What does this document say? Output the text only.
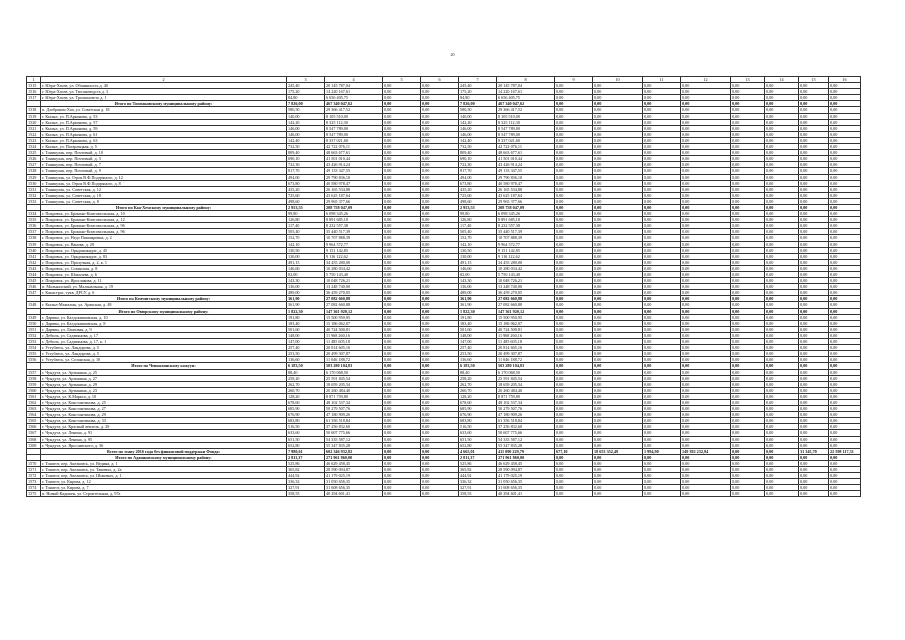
20
1	2	3	4	5	6	7	8	9	10	11	12	13	14	15	16
1515	г. Югра-Хасев, ул. Обшинность д. 40	245,40	20 145 787,04	0,00	0,00	245,40	20 145 787,04	0,00	0,00	0,00	0,00	0,00	0,00	0,00	0,00
1516	г. Югра-Хасев, ул. Тюсановодсть д. 3	175,20	14 220 167,61	0,00	0,00	175,20	14 220 167,61	0,00	0,00	0,00	0,00	0,00	0,00	0,00	0,00
1517	г. Югра-Хасев, ул. Тролшновсть д. 1	84,80	6 656 405,75	0,00	0,00	84,80	6 656 405,75	0,00	0,00	0,00	0,00	0,00	0,00	0,00	0,00
	Итого по Топмаковскому муниципальному району:	7 826,00	467 340 047,62	0,00	0,00	7 826,00	467 340 047,62	0,00	0,00	0,00	0,00	0,00	0,00	0,00	0,00
1518	п. Дзобранен-Хаа, ул. Советская д. 18	580,50	29 366 417,52	0,00	0,00	580,50	29 366 417,52	0,00	0,00	0,00	0,00	0,00	0,00	0,00	0,00
1519	г. Кызыл, ул. П.Арконова, д. 53	140,00	8 105 510,00	0,00	0,00	140,00	8 105 510,00	0,00	0,00	0,00	0,00	0,00	0,00	0,00	0,00
1520	г. Кызыл, ул. П.Арконова, д. 57	142,20	8 325 112,30	0,00	0,00	142,20	8 325 112,30	0,00	0,00	0,00	0,00	0,00	0,00	0,00	0,00
1521	г. Кызыл, ул. П.Арконова, д. 59	146,00	8 547 789,00	0,00	0,00	146,00	8 547 789,00	0,00	0,00	0,00	0,00	0,00	0,00	0,00	0,00
1522	г. Кызыл, ул. П.Арконова, д. 61	146,00	8 547 789,00	0,00	0,00	146,00	8 547 789,00	0,00	0,00	0,00	0,00	0,00	0,00	0,00	0,00
1523	г. Кызыл, ул. П.Арконова, д. 63	142,40	8 337 021,60	0,00	0,00	142,40	8 337 021,60	0,00	0,00	0,00	0,00	0,00	0,00	0,00	0,00
1524	г. Кызыл, ул. Погарльцкая, д. 5	732,50	42 722 076,11	0,00	0,00	732,50	42 722 076,11	0,00	0,00	0,00	0,00	0,00	0,00	0,00	0,00
1525	г. Тоникулак, пер. Почтовый, д. 10	809,40	48 663 677,61	0,00	0,00	809,40	48 663 677,61	0,00	0,00	0,00	0,00	0,00	0,00	0,00	0,00
1526	г. Тоникулак, пер. Почтовый, д. 3	690,10	41 501 010,44	0,00	0,00	690,10	41 501 010,44	0,00	0,00	0,00	0,00	0,00	0,00	0,00	0,00
1527	г. Тоникулак, пер. Почтовый, д. 7	722,30	43 426 914,24	0,00	0,00	722,30	43 426 914,24	0,00	0,00	0,00	0,00	0,00	0,00	0,00	0,00
1528	г. Тоникулак, пер. Почтовый, д. 9	817,70	49 133 347,55	0,00	0,00	817,70	49 133 347,55	0,00	0,00	0,00	0,00	0,00	0,00	0,00	0,00
1529	г. Тоникулак, ул. Героя В.Ф.Подгряного, д. 12	494,00	29 790 836,10	0,00	0,00	494,00	29 790 836,10	0,00	0,00	0,00	0,00	0,00	0,00	0,00	0,00
1530	г. Тоникулак, ул. Героя В.Ф.Подгряного, д. 8	673,80	40 580 978,47	0,00	0,00	673,80	40 580 978,47	0,00	0,00	0,00	0,00	0,00	0,00	0,00	0,00
1531	г. Тоникулак, ул. Советская, д. 12	435,20	26 165 534,88	0,00	0,00	435,20	26 165 534,88	0,00	0,00	0,00	0,00	0,00	0,00	0,00	0,00
1532	г. Тоникулак, ул. Советская, д. 18	725,60	43 625 187,64	0,00	0,00	725,60	43 625 187,64	0,00	0,00	0,00	0,00	0,00	0,00	0,00	0,00
1533	г. Тоникулак, ул. Советская, д. 8	498,60	29 965 377,66	0,00	0,00	498,60	29 965 377,66	0,00	0,00	0,00	0,00	0,00	0,00	0,00	0,00
	Итого по Каа-Хемскому муниципальному району:	2 953,55	208 758 047,09	0,00	0,00	2 953,55	208 758 047,09	0,00	0,00	0,00	0,00	0,00	0,00	0,00	0,00
1534	г. Покровск, ул. Бронько-Комсомольская, д. 10	99,80	6 098 345,26	0,00	0,00	99,80	6 098 345,26	0,00	0,00	0,00	0,00	0,00	0,00	0,00	0,00
1535	г. Покровск, ул. Бронько-Комсомольская, д. 12	126,80	8 891 685,18	0,00	0,00	126,80	8 891 685,18	0,00	0,00	0,00	0,00	0,00	0,00	0,00	0,00
1536	г. Покровск, ул. Бронько-Комсомольская, д. 96	117,40	8 232 557,38	0,00	0,00	117,40	8 232 557,38	0,00	0,00	0,00	0,00	0,00	0,00	0,00	0,00
1537	г. Покровск, ул. Бронько-Комсомольская, д. 96	505,40	35 440 517,39	0,00	0,00	505,40	35 440 517,39	0,00	0,00	0,00	0,00	0,00	0,00	0,00	0,00
1538	г. Покровск, ул. Недо Пяшанровна, д. 2	152,70	10 707 888,39	0,00	0,00	152,70	10 707 888,39	0,00	0,00	0,00	0,00	0,00	0,00	0,00	0,00
1539	г. Покровск, ул. Ванова, д. 29	142,10	9 964 572,77	0,00	0,00	142,10	9 964 572,77	0,00	0,00	0,00	0,00	0,00	0,00	0,00	0,00
1540	г. Покровск, ул. Оркдоникидзе, д. 45	130,50	9 151 142,85	0,00	0,00	130,50	9 151 142,85	0,00	0,00	0,00	0,00	0,00	0,00	0,00	0,00
1541	г. Покровск, ул. Оркдоникидзе, д. 83	130,00	9 116 122,62	0,00	0,00	130,00	9 116 122,62	0,00	0,00	0,00	0,00	0,00	0,00	0,00	0,00
1542	г. Покровск, ул. Пролучная, д. 2, к. 1	491,15	34 455 280,00	0,00	0,00	491,15	34 455 280,00	0,00	0,00	0,00	0,00	0,00	0,00	0,00	0,00
1543	г. Покровск, ул. Созанская, д. 8	146,60	10 280 034,42	0,00	0,00	146,60	10 280 034,42	0,00	0,00	0,00	0,00	0,00	0,00	0,00	0,00
1544	г. Покровск, ул. Шакалева, д. 6	82,00	5 750 143,40	0,00	0,00	82,00	5 750 143,40	0,00	0,00	0,00	0,00	0,00	0,00	0,00	0,00
1545	г. Покровск, ул. Ярослакова, д. 11	143,30	10 048 726,21	0,00	0,00	143,30	10 048 726,21	0,00	0,00	0,00	0,00	0,00	0,00	0,00	0,00
1546	п. Мальналский, ул. Мальнальная, д. 19	136,00	13 248 740,00	0,00	0,00	136,00	13 248 740,00	0,00	0,00	0,00	0,00	0,00	0,00	0,00	0,00
1547	г. Каъястрас, тукв. ДРСУ, д. 6	489,00	36 459 270,05	0,00	0,00	489,00	36 459 270,05	0,00	0,00	0,00	0,00	0,00	0,00	0,00	0,00
	Итого по Кемчигскому муниципальному району:	361,90	27 082 660,88	0,00	0,00	361,90	27 082 660,88	0,00	0,00	0,00	0,00	0,00	0,00	0,00	0,00
1548	г. Кызыл-Мажалык, ул. Аракская, д. 48	361,90	27 082 660,88	0,00	0,00	361,90	27 082 660,88	0,00	0,00	0,00	0,00	0,00	0,00	0,00	0,00
	Итого по Овюрскому муниципальному району:	1 822,30	147 361 920,12	0,00	0,00	1 822,30	147 361 920,12	0,00	0,00	0,00	0,00	0,00	0,00	0,00	0,00
1549	г. Дарвин, ул. Калдокишивская, д. 10	191,80	15 500 950,95	0,00	0,00	191,80	15 500 950,95	0,00	0,00	0,00	0,00	0,00	0,00	0,00	0,00
1550	г. Дарвин, ул. Калдокишивская, д. 8	183,40	15 186 062,07	0,00	0,00	183,40	15 186 062,07	0,00	0,00	0,00	0,00	0,00	0,00	0,00	0,00
1551	г. Дарвин, ул. Ланзовая, д. 9	501,60	40 724 500,81	0,00	0,00	501,60	40 724 500,81	0,00	0,00	0,00	0,00	0,00	0,00	0,00	0,00
1552	г. Дебиль, ул. Садзиянова, д. 17	148,00	11 968 260,16	0,00	0,00	148,00	11 968 260,16	0,00	0,00	0,00	0,00	0,00	0,00	0,00	0,00
1553	г. Дебиль, ул. Садзиянова, д. 17, к. 1	147,00	11 485 605,18	0,00	0,00	147,00	11 485 605,18	0,00	0,00	0,00	0,00	0,00	0,00	0,00	0,00
1554	г. Устубаесь, ул. Ландорова, д. 5	257,40	20 814 605,16	0,00	0,00	257,40	20 814 605,16	0,00	0,00	0,00	0,00	0,00	0,00	0,00	0,00
1555	г. Устубаесь, ул. Ландорова, д. 5	253,50	20 499 307,87	0,00	0,00	253,50	20 499 307,87	0,00	0,00	0,00	0,00	0,00	0,00	0,00	0,00
1556	г. Устубаесь, ул. Созанская, д. 10	136,60	11 046 188,72	0,00	0,00	136,60	11 046 188,72	0,00	0,00	0,00	0,00	0,00	0,00	0,00	0,00
	Итого по Чеиналинскому кожуун:	6 183,50	503 280 104,83	0,00	0,00	6 183,50	503 280 104,83	0,00	0,00	0,00	0,00	0,00	0,00	0,00	0,00
1557	г. Чундуга, ул. Артыкина, д. 25	88,40	6 170 068,50	0,00	0,00	88,40	6 170 068,50	0,00	0,00	0,00	0,00	0,00	0,00	0,00	0,00
1558	г. Чундуга, ул. Артыкина, д. 27	258,20	25 591 845,54	0,00	0,00	258,20	25 591 845,54	0,00	0,00	0,00	0,00	0,00	0,00	0,00	0,00
1559	г. Чундуга, ул. Артыкина, д. 29	262,70	18 659 205,34	0,00	0,00	262,70	18 659 205,34	0,00	0,00	0,00	0,00	0,00	0,00	0,00	0,00
1560	г. Чундуга, ул. Артыкина, д. 23	260,70	20 260 484,40	0,00	0,00	260,70	20 260 484,40	0,00	0,00	0,00	0,00	0,00	0,00	0,00	0,00
1561	г. Чундуга, ул. К.Маркса, д. 10	128,20	8 871 759,80	0,00	0,00	128,20	8 871 759,80	0,00	0,00	0,00	0,00	0,00	0,00	0,00	0,00
1562	г. Чундуга, ул. Константинова, д. 25	678,60	48 102 537,34	0,00	0,00	678,60	48 102 537,34	0,00	0,00	0,00	0,00	0,00	0,00	0,00	0,00
1563	г. Чундуга, ул. Константинова, д. 27	685,90	50 279 507,76	0,00	0,00	685,90	50 279 507,76	0,00	0,00	0,00	0,00	0,00	0,00	0,00	0,00
1564	г. Чундуга, ул. Константинова, д. 29	676,90	47 180 909,26	0,00	0,00	676,90	47 180 909,26	0,00	0,00	0,00	0,00	0,00	0,00	0,00	0,00
1565	г. Чундуга, ул. Константинова, д. 33	683,80	61 356 518,84	0,00	0,00	683,80	61 356 518,84	0,00	0,00	0,00	0,00	0,00	0,00	0,00	0,00
1566	г. Чундуга, ул. Красный вензель, д. 29	516,50	37 256 832,60	0,00	0,00	516,50	37 256 832,60	0,00	0,00	0,00	0,00	0,00	0,00	0,00	0,00
1567	г. Чундуга, ул. Ленина, д. 91	633,60	50 607 775,66	0,00	0,00	633,60	50 607 775,66	0,00	0,00	0,00	0,00	0,00	0,00	0,00	0,00
1568	г. Чундуга, ул. Ленина, д. 95	651,50	54 335 587,12	0,00	0,00	651,50	54 335 587,12	0,00	0,00	0,00	0,00	0,00	0,00	0,00	0,00
1569	г. Чундуга, ул. Ярославского, д. 36	652,80	55 347 835,28	0,00	0,00	652,80	55 347 835,28	0,00	0,00	0,00	0,00	0,00	0,00	0,00	0,00
	Всего по этапу 2016 года без финансовой поддержки Фонда:	7 980,61	602 346 932,82	0,00	0,00	4 665,01	411 090 229,79	677,10	18 653 352,49	1 994,90	149 392 232,94	0,00	0,00	31 345,70	22 598 117,31
	Итого по Адашковскому муниципальному району:	2 811,37	271 961 860,00	0,00	0,00	2 811,37	271 961 860,00	0,00	0,00	0,00	0,00	0,00	0,00	0,00	0,00
1570	г. Тонатот, пер. Акелковсь, ул. Ведина, д. 1	525,86	46 629 458,45	0,00	0,00	525,86	46 629 458,45	0,00	0,00	0,00	0,00	0,00	0,00	0,00	0,00
1571	г. Тонатот, пер. Акелковсь, ул. Таковых, д. 2а	365,82	28 590 094,87	0,00	0,00	365,82	28 590 094,87	0,00	0,00	0,00	0,00	0,00	0,00	0,00	0,00
1572	г. Тонатот, пер. Акелковсь, ул. Шоковых, д. 1	444,92	41 179 025,19	0,00	0,00	444,92	41 179 025,19	0,00	0,00	0,00	0,00	0,00	0,00	0,00	0,00
1573	г. Тонатот, ул. Кирова, д. 12	336,32	31 050 656,35	0,00	0,00	336,32	31 050 656,35	0,00	0,00	0,00	0,00	0,00	0,00	0,00	0,00
1574	г. Тонатот, ул. Кирова, д. 7	327,91	31 608 656,35	0,00	0,00	327,91	31 608 656,35	0,00	0,00	0,00	0,00	0,00	0,00	0,00	0,00
1575	п. Новый Кадыкен, ул. Строительная, д. 97а	358,55	40 294 601,41	0,00	0,00	358,55	40 294 601,41	0,00	0,00	0,00	0,00	0,00	0,00	0,00	0,00
